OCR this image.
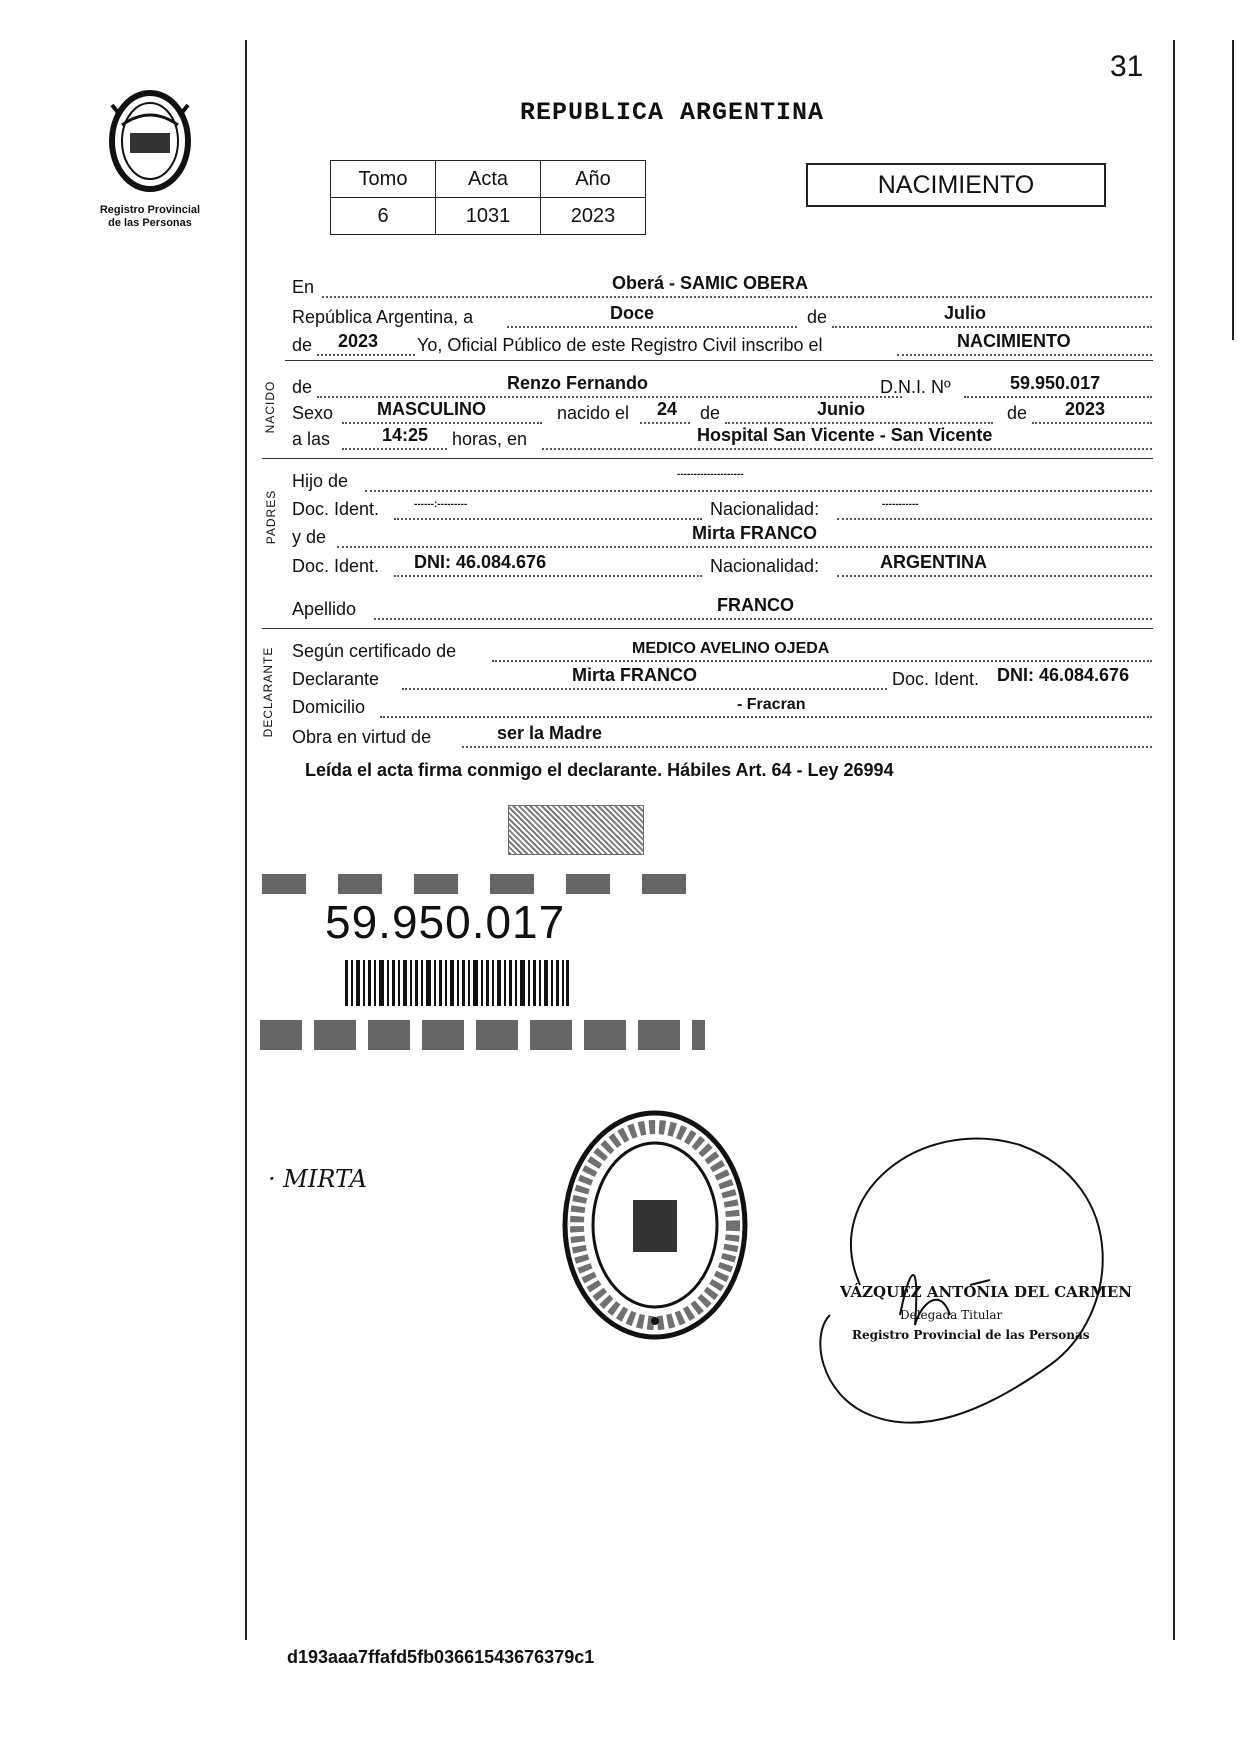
31
REPUBLICA ARGENTINA
Registro Provincial
de las Personas
Tomo	Acta	Año
6	1031	2023
NACIMIENTO
En	Oberá - SAMIC OBERA
República Argentina, a	Doce	de	Julio
de 2023 Yo, Oficial Público de este Registro Civil inscribo el	NACIMIENTO
NACIDO de	Renzo Fernando	D.N.I. Nº	59.950.017
Sexo MASCULINO	nacido el 24 de	Junio	de 2023
a las	14:25 horas, en	Hospital San Vicente - San Vicente
PADRES
Hijo de	--------------------
Doc. Ident.	------:---------	Nacionalidad:	-----------
y de	Mirta FRANCO
Doc. Ident. DNI: 46.084.676	Nacionalidad:	ARGENTINA
Apellido	FRANCO
DECLARANTE Según certificado de	MEDICO AVELINO OJEDA
Declarante	Mirta FRANCO	Doc. Ident. DNI: 46.084.676
Domicilio	- Fracran
Obra en virtud de	ser la Madre
Leída el acta firma conmigo el declarante. Hábiles Art. 64 - Ley 26994
59.950.017
· MIRTA
VÁZQUEZ ANTONIA DEL CARMEN
Delegada Titular
Registro Provincial de las Personas
d193aaa7ffafd5fb03661543676379c1
